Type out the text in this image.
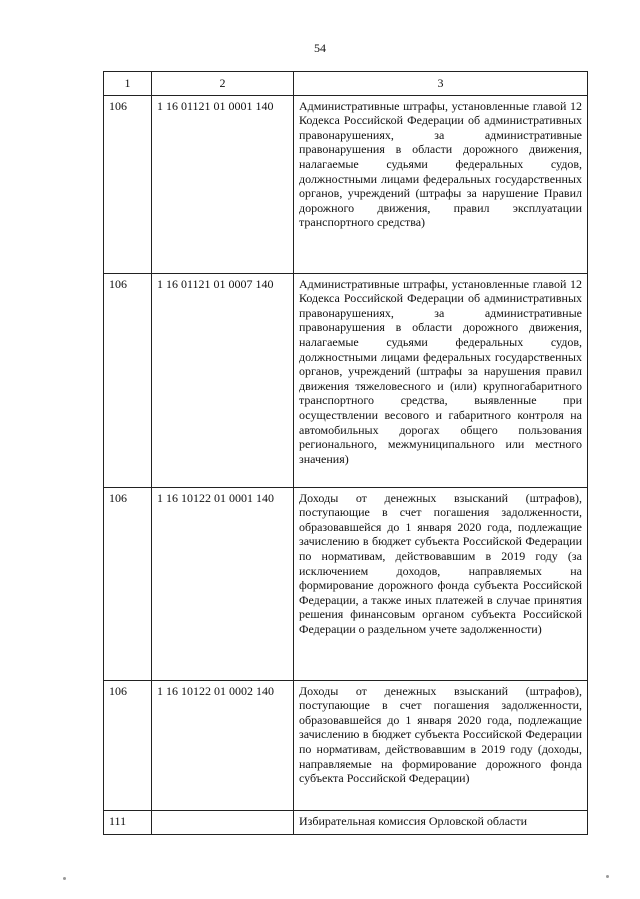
54
1	2	3
106	1 16 01121 01 0001 140	Административные штрафы, установленные главой 12 Кодекса Российской Федерации об административных правонарушениях, за административные правонарушения в области дорожного движения, налагаемые судьями федеральных судов, должностными лицами федеральных государственных органов, учреждений (штрафы за нарушение Правил дорожного движения, правил эксплуатации транспортного средства)
106	1 16 01121 01 0007 140	Административные штрафы, установленные главой 12 Кодекса Российской Федерации об административных правонарушениях, за административные правонарушения в области дорожного движения, налагаемые судьями федеральных судов, должностными лицами федеральных государственных органов, учреждений (штрафы за нарушения правил движения тяжеловесного и (или) крупногабаритного транспортного средства, выявленные при осуществлении весового и габаритного контроля на автомобильных дорогах общего пользования регионального, межмуниципального или местного значения)
106	1 16 10122 01 0001 140	Доходы от денежных взысканий (штрафов), поступающие в счет погашения задолженности, образовавшейся до 1 января 2020 года, подлежащие зачислению в бюджет субъекта Российской Федерации по нормативам, действовавшим в 2019 году (за исключением доходов, направляемых на формирование дорожного фонда субъекта Российской Федерации, а также иных платежей в случае принятия решения финансовым органом субъекта Российской Федерации о раздельном учете задолженности)
106	1 16 10122 01 0002 140	Доходы от денежных взысканий (штрафов), поступающие в счет погашения задолженности, образовавшейся до 1 января 2020 года, подлежащие зачислению в бюджет субъекта Российской Федерации по нормативам, действовавшим в 2019 году (доходы, направляемые на формирование дорожного фонда субъекта Российской Федерации)
111		Избирательная комиссия Орловской области
